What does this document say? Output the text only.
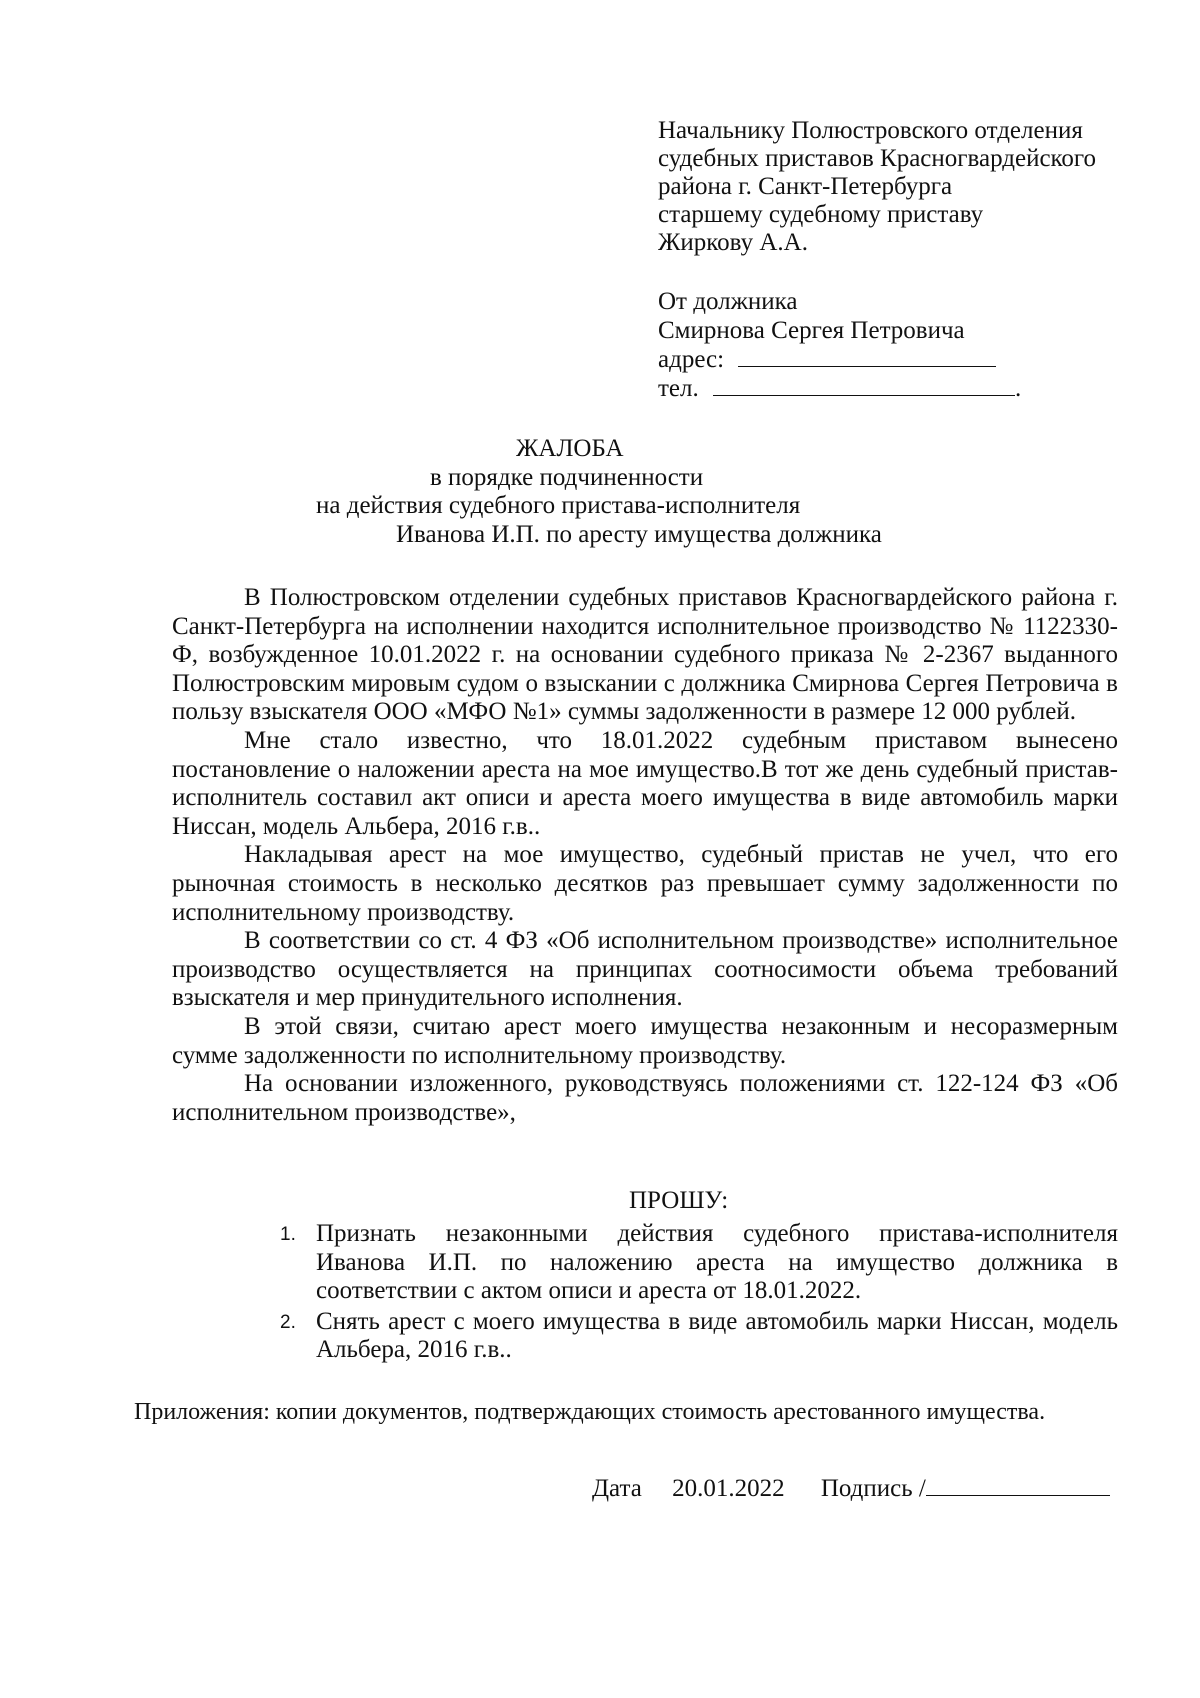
Начальнику Полюстровского отделения
судебных приставов Красногвардейского
района г. Санкт-Петербурга
старшему судебному приставу
Жиркову А.А.
От должника
Смирнова Сергея Петровича
адрес:
тел.	.
ЖАЛОБА
в порядке подчиненности
на действия судебного пристава-исполнителя
Иванова И.П. по аресту имущества должника

В Полюстровском отделении судебных приставов Красногвардейского района г. Санкт-Петербурга на исполнении находится исполнительное производство № 1122330-Ф, возбужденное 10.01.2022 г. на основании судебного приказа № 2-2367 выданного Полюстровским мировым судом о взыскании с должника Смирнова Сергея Петровича в пользу взыскателя ООО «МФО №1» суммы задолженности в размере 12 000 рублей.

Мне стало известно, что 18.01.2022 судебным приставом вынесено постановление о наложении ареста на мое имущество.В тот же день судебный пристав-исполнитель составил акт описи и ареста моего имущества в виде автомобиль марки Ниссан, модель Альбера, 2016 г.в..

Накладывая арест на мое имущество, судебный пристав не учел, что его рыночная стоимость в несколько десятков раз превышает сумму задолженности по исполнительному производству.

В соответствии со ст. 4 ФЗ «Об исполнительном производстве» исполнительное производство осуществляется на принципах соотносимости объема требований взыскателя и мер принудительного исполнения.

В этой связи, считаю арест моего имущества незаконным и несоразмерным сумме задолженности по исполнительному производству.

На основании изложенного, руководствуясь положениями ст. 122-124 ФЗ «Об исполнительном производстве»,

ПРОШУ:
1. Признать незаконными действия судебного пристава-исполнителя Иванова И.П. по наложению ареста на имущество должника в соответствии с актом описи и ареста от 18.01.2022.
2. Снять арест с моего имущества в виде автомобиль марки Ниссан, модель Альбера, 2016 г.в..
Приложения: копии документов, подтверждающих стоимость арестованного имущества.
Дата 20.01.2022 Подпись /
